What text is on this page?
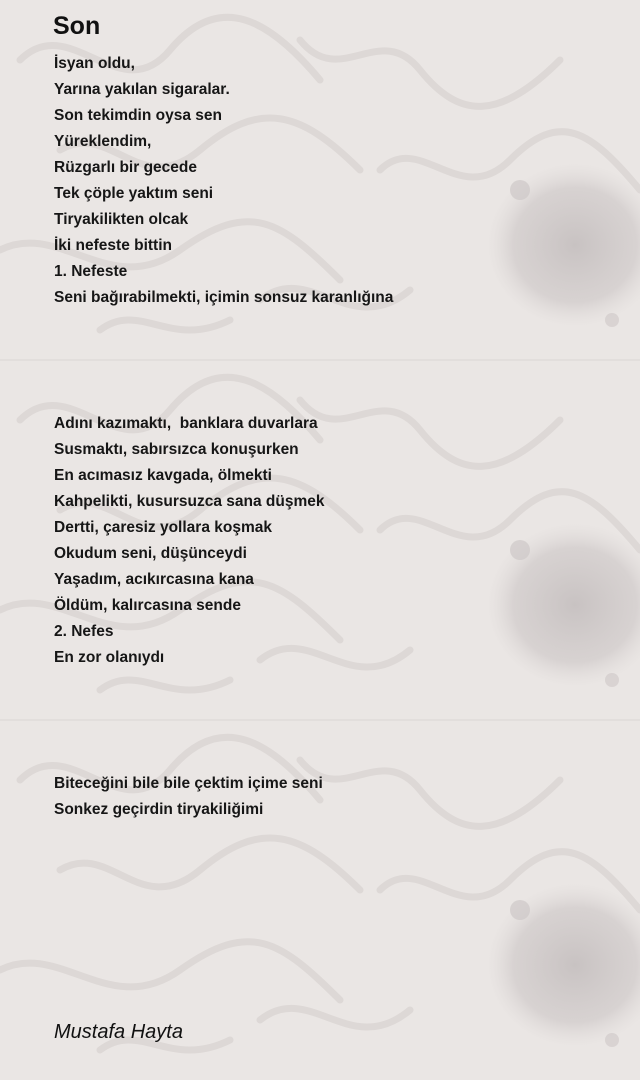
Son
İsyan oldu,
Yarına yakılan sigaralar.
Son tekimdin oysa sen
Yüreklendim,
Rüzgarlı bir gecede
Tek çöple yaktım seni
Tiryakilikten olcak
İki nefeste bittin
1. Nefeste
Seni bağırabilmekti, içimin sonsuz karanlığına
Adını kazımaktı,  banklara duvarlara
Susmaktı, sabırsızca konuşurken
En acımasız kavgada, ölmekti
Kahpelikti, kusursuzca sana düşmek
Dertti, çaresiz yollara koşmak
Okudum seni, düşünceydi
Yaşadım, acıkırcasına kana
Öldüm, kalırcasına sende
2. Nefes
En zor olanıydı
Biteceğini bile bile çektim içime seni
Sonkez geçirdin tiryakiliğimi
Mustafa Hayta
